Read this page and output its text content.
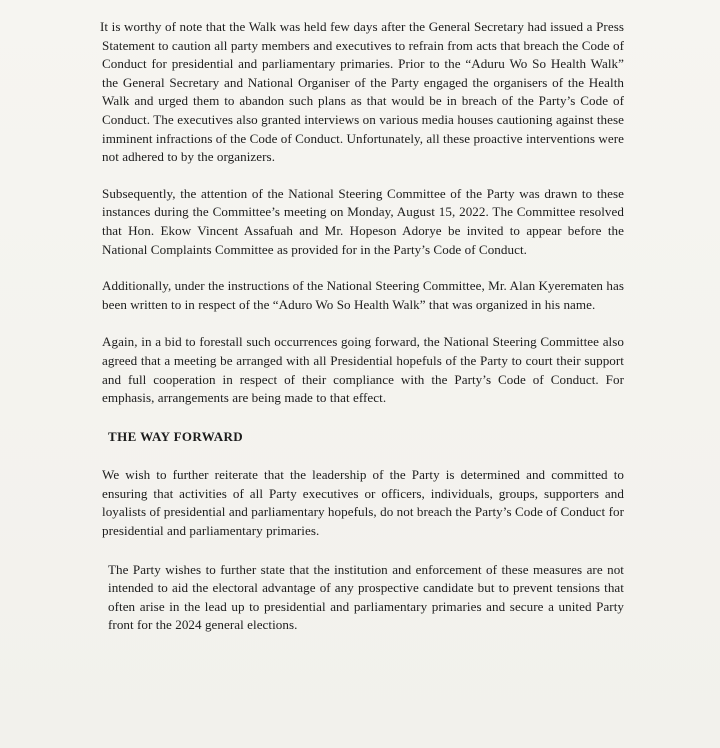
It is worthy of note that the Walk was held few days after the General Secretary had issued a Press Statement to caution all party members and executives to refrain from acts that breach the Code of Conduct for presidential and parliamentary primaries. Prior to the “Aduru Wo So Health Walk” the General Secretary and National Organiser of the Party engaged the organisers of the Health Walk and urged them to abandon such plans as that would be in breach of the Party’s Code of Conduct. The executives also granted interviews on various media houses cautioning against these imminent infractions of the Code of Conduct. Unfortunately, all these proactive interventions were not adhered to by the organizers.

Subsequently, the attention of the National Steering Committee of the Party was drawn to these instances during the Committee’s meeting on Monday, August 15, 2022. The Committee resolved that Hon. Ekow Vincent Assafuah and Mr. Hopeson Adorye be invited to appear before the National Complaints Committee as provided for in the Party’s Code of Conduct.

Additionally, under the instructions of the National Steering Committee, Mr. Alan Kyerematen has been written to in respect of the “Aduro Wo So Health Walk” that was organized in his name.

Again, in a bid to forestall such occurrences going forward, the National Steering Committee also agreed that a meeting be arranged with all Presidential hopefuls of the Party to court their support and full cooperation in respect of their compliance with the Party’s Code of Conduct. For emphasis, arrangements are being made to that effect.

THE WAY FORWARD

We wish to further reiterate that the leadership of the Party is determined and committed to ensuring that activities of all Party executives or officers, individuals, groups, supporters and loyalists of presidential and parliamentary hopefuls, do not breach the Party’s Code of Conduct for presidential and parliamentary primaries.

The Party wishes to further state that the institution and enforcement of these measures are not intended to aid the electoral advantage of any prospective candidate but to prevent tensions that often arise in the lead up to presidential and parliamentary primaries and secure a united Party front for the 2024 general elections.
